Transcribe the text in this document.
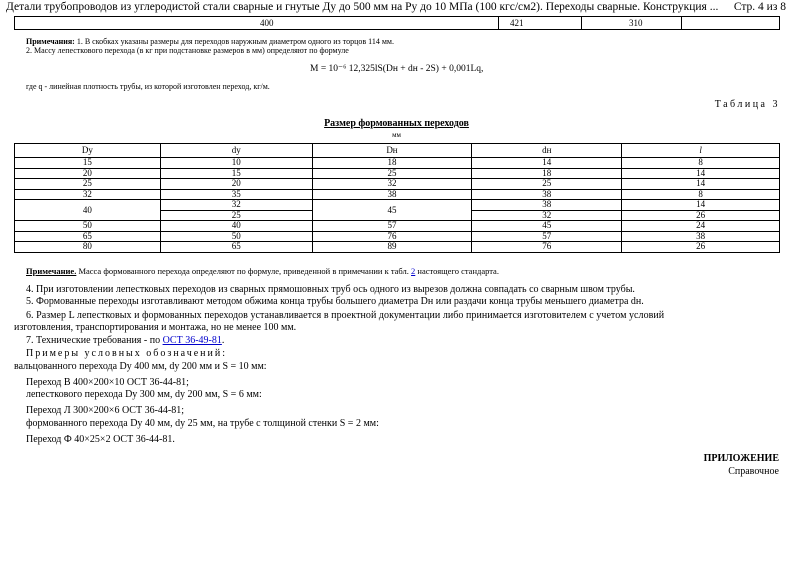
Детали трубопроводов из углеродистой стали сварные и гнутые Ду до 500 мм на Ру до 10 МПа (100 кгс/см2). Переходы сварные. Конструкция ...	Стр. 4 из 8
400	421	310
Примечания: 1. В скобках указаны размеры для переходов наружным диаметром одного из торцов 114 мм.
2. Массу лепесткового перехода (в кг при подстановке размеров в мм) определяют по формуле
M = 10⁻⁶ 12,325lS(Dн + dн - 2S) + 0,001Lq,
где q - линейная плотность трубы, из которой изготовлен переход, кг/м.
Таблица 3
Размер формованных переходов
мм
Dу	dу	Dн	dн	l
15	10	18	14	8
20	15	25	18	14
25	20	32	25	14
32	35	38	38	8
40	32	45	38	14
	25		32	26
50	40	57	45	24
65	50	76	57	38
80	65	89	76	26
Примечание. Масса формованного перехода определяют по формуле, приведенной в примечании к табл. 2 настоящего стандарта.
4. При изготовлении лепестковых переходов из сварных прямошовных труб ось одного из вырезов должна совпадать со сварным швом трубы.
5. Формованные переходы изготавливают методом обжима конца трубы большего диаметра Dн или раздачи конца трубы меньшего диаметра dн.
6. Размер L лепестковых и формованных переходов устанавливается в проектной документации либо принимается изготовителем с учетом условий
изготовления, транспортирования и монтажа, но не менее 100 мм.
7. Технические требования - по ОСТ 36-49-81.
Примеры условных обозначений:
вальцованного перехода Dу 400 мм, dу 200 мм и S = 10 мм:
Переход В 400×200×10 ОСТ 36-44-81;
лепесткового перехода Dу 300 мм, dу 200 мм, S = 6 мм:
Переход Л 300×200×6 ОСТ 36-44-81;
формованного перехода Dу 40 мм, dу 25 мм, на трубе с толщиной стенки S = 2 мм:
Переход Ф 40×25×2 ОСТ 36-44-81.
ПРИЛОЖЕНИЕ
Справочное
